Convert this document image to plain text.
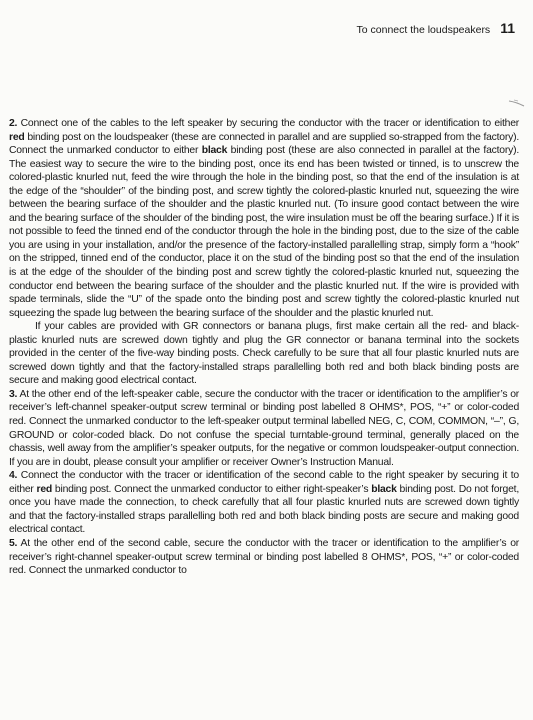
To connect the loudspeakers 11

2. Connect one of the cables to the left speaker by securing the conductor with the tracer or identification to either red binding post on the loudspeaker (these are connected in parallel and are supplied so-strapped from the factory). Connect the unmarked conductor to either black binding post (these are also connected in parallel at the factory). The easiest way to secure the wire to the binding post, once its end has been twisted or tinned, is to unscrew the colored-plastic knurled nut, feed the wire through the hole in the binding post, so that the end of the insulation is at the edge of the “shoulder” of the binding post, and screw tightly the colored-plastic knurled nut, squeezing the wire between the bearing surface of the shoulder and the plastic knurled nut. (To insure good contact between the wire and the bearing surface of the shoulder of the binding post, the wire insulation must be off the bearing surface.) If it is not possible to feed the tinned end of the conductor through the hole in the binding post, due to the size of the cable you are using in your installation, and/or the presence of the factory-installed parallelling strap, simply form a “hook” on the stripped, tinned end of the conductor, place it on the stud of the binding post so that the end of the insulation is at the edge of the shoulder of the binding post and screw tightly the colored-plastic knurled nut, squeezing the conductor end between the bearing surface of the shoulder and the plastic knurled nut. If the wire is provided with spade terminals, slide the “U” of the spade onto the binding post and screw tightly the colored-plastic knurled nut squeezing the spade lug between the bearing surface of the shoulder and the plastic knurled nut.

If your cables are provided with GR connectors or banana plugs, first make certain all the red- and black-plastic knurled nuts are screwed down tightly and plug the GR connector or banana terminal into the sockets provided in the center of the five-way binding posts. Check carefully to be sure that all four plastic knurled nuts are screwed down tightly and that the factory-installed straps parallelling both red and both black binding posts are secure and making good electrical contact.

3. At the other end of the left-speaker cable, secure the conductor with the tracer or identification to the amplifier’s or receiver’s left-channel speaker-output screw terminal or binding post labelled 8 OHMS*, POS, “+” or color-coded red. Connect the unmarked conductor to the left-speaker output terminal labelled NEG, C, COM, COMMON, “–”, G, GROUND or color-coded black. Do not confuse the special turntable-ground terminal, generally placed on the chassis, well away from the amplifier’s speaker outputs, for the negative or common loudspeaker-output connection. If you are in doubt, please consult your amplifier or receiver Owner’s Instruction Manual.

4. Connect the conductor with the tracer or identification of the second cable to the right speaker by securing it to either red binding post. Connect the unmarked conductor to either right-speaker’s black binding post. Do not forget, once you have made the connection, to check carefully that all four plastic knurled nuts are screwed down tightly and that the factory-installed straps parallelling both red and both black binding posts are secure and making good electrical contact.

5. At the other end of the second cable, secure the conductor with the tracer or identification to the amplifier’s or receiver’s right-channel speaker-output screw terminal or binding post labelled 8 OHMS*, POS, “+” or color-coded red. Connect the unmarked conductor to
